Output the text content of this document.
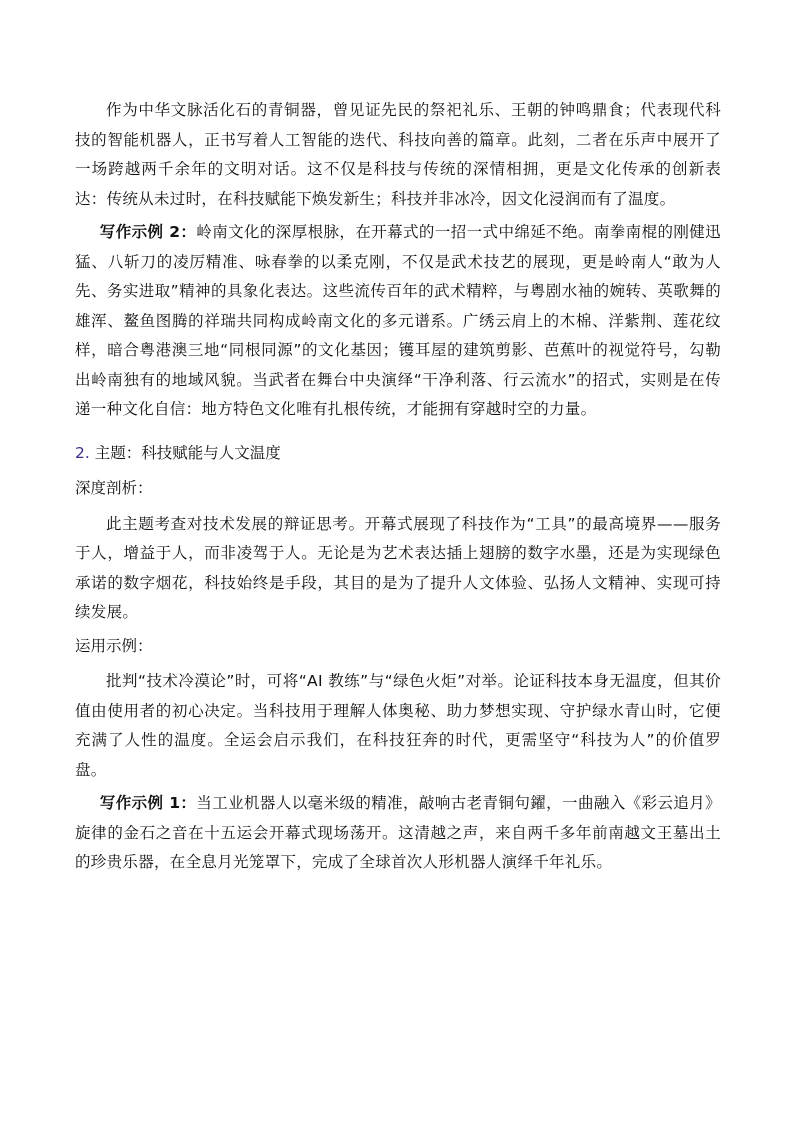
作为中华文脉活化石的青铜器，曾见证先民的祭祀礼乐、王朝的钟鸣鼎食；代表现代科技的智能机器人，正书写着人工智能的迭代、科技向善的篇章。此刻，二者在乐声中展开了一场跨越两千余年的文明对话。这不仅是科技与传统的深情相拥，更是文化传承的创新表达：传统从未过时，在科技赋能下焕发新生；科技并非冰冷，因文化浸润而有了温度。

写作示例 2：岭南文化的深厚根脉，在开幕式的一招一式中绵延不绝。南拳南棍的刚健迅猛、八斩刀的凌厉精准、咏春拳的以柔克刚，不仅是武术技艺的展现，更是岭南人“敢为人先、务实进取”精神的具象化表达。这些流传百年的武术精粹，与粤剧水袖的婉转、英歌舞的雄浑、鳌鱼图腾的祥瑞共同构成岭南文化的多元谱系。广绣云肩上的木棉、洋紫荆、莲花纹样，暗合粤港澳三地“同根同源”的文化基因；镬耳屋的建筑剪影、芭蕉叶的视觉符号，勾勒出岭南独有的地域风貌。当武者在舞台中央演绎“干净利落、行云流水”的招式，实则是在传递一种文化自信：地方特色文化唯有扎根传统，才能拥有穿越时空的力量。

2. 主题：科技赋能与人文温度

深度剖析：

此主题考查对技术发展的辩证思考。开幕式展现了科技作为“工具”的最高境界——服务于人，增益于人，而非凌驾于人。无论是为艺术表达插上翅膀的数字水墨，还是为实现绿色承诺的数字烟花，科技始终是手段，其目的是为了提升人文体验、弘扬人文精神、实现可持续发展。

运用示例：

批判“技术冷漠论”时，可将“AI 教练”与“绿色火炬”对举。论证科技本身无温度，但其价值由使用者的初心决定。当科技用于理解人体奥秘、助力梦想实现、守护绿水青山时，它便充满了人性的温度。全运会启示我们，在科技狂奔的时代，更需坚守“科技为人”的价值罗盘。

写作示例 1：当工业机器人以毫米级的精准，敲响古老青铜句鑃，一曲融入《彩云追月》旋律的金石之音在十五运会开幕式现场荡开。这清越之声，来自两千多年前南越文王墓出土的珍贵乐器，在全息月光笼罩下，完成了全球首次人形机器人演绎千年礼乐。
